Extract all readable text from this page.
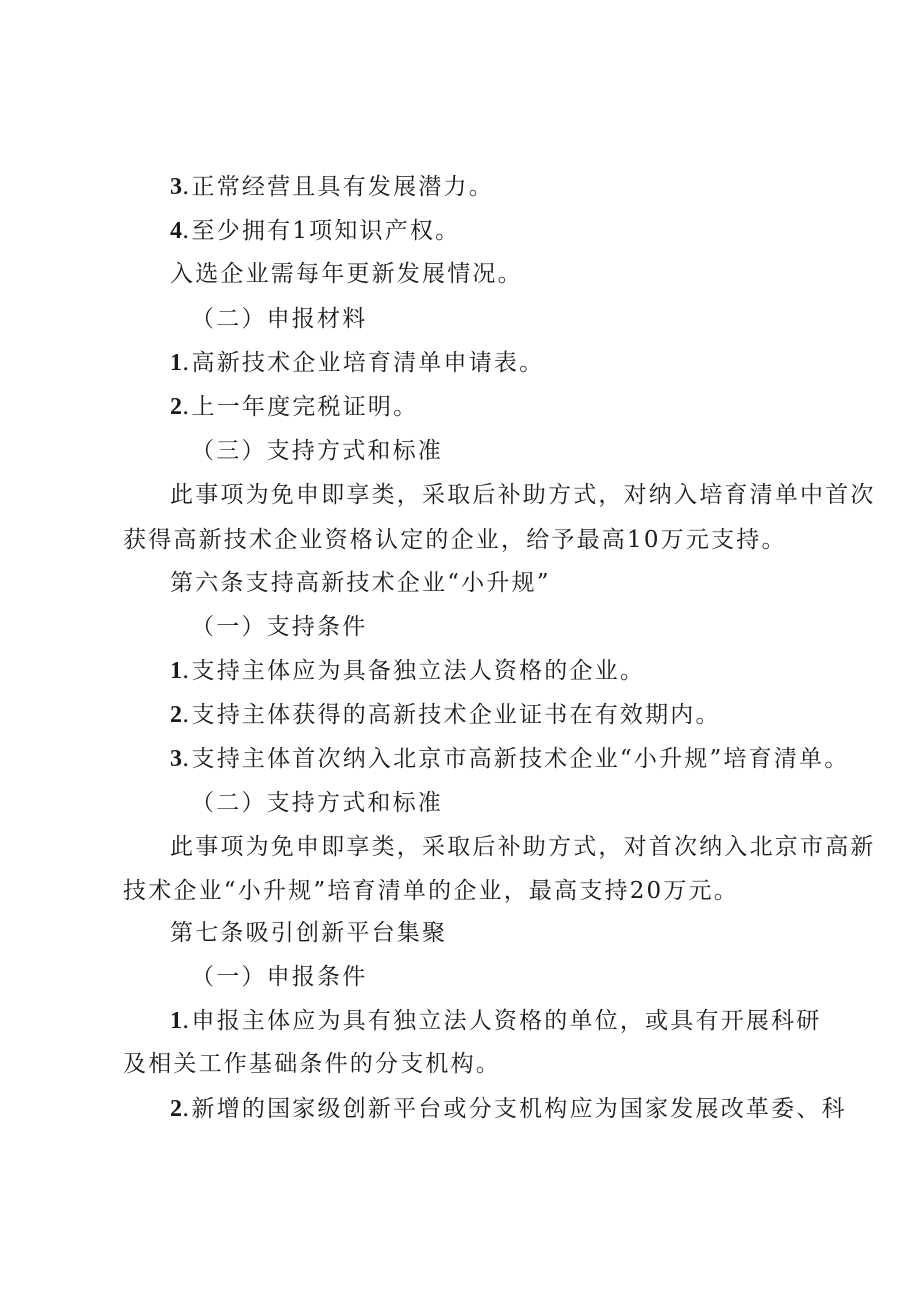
3.正常经营且具有发展潜力。
4.至少拥有1项知识产权。
入选企业需每年更新发展情况。
（二）申报材料
1.高新技术企业培育清单申请表。
2.上一年度完税证明。
（三）支持方式和标准
此事项为免申即享类，采取后补助方式，对纳入培育清单中首次
获得高新技术企业资格认定的企业，给予最高10万元支持。
第六条支持高新技术企业“小升规”
（一）支持条件
1.支持主体应为具备独立法人资格的企业。
2.支持主体获得的高新技术企业证书在有效期内。
3.支持主体首次纳入北京市高新技术企业“小升规”培育清单。
（二）支持方式和标准
此事项为免申即享类，采取后补助方式，对首次纳入北京市高新
技术企业“小升规”培育清单的企业，最高支持20万元。
第七条吸引创新平台集聚
（一）申报条件
1.申报主体应为具有独立法人资格的单位，或具有开展科研
及相关工作基础条件的分支机构。
2.新增的国家级创新平台或分支机构应为国家发展改革委、科
